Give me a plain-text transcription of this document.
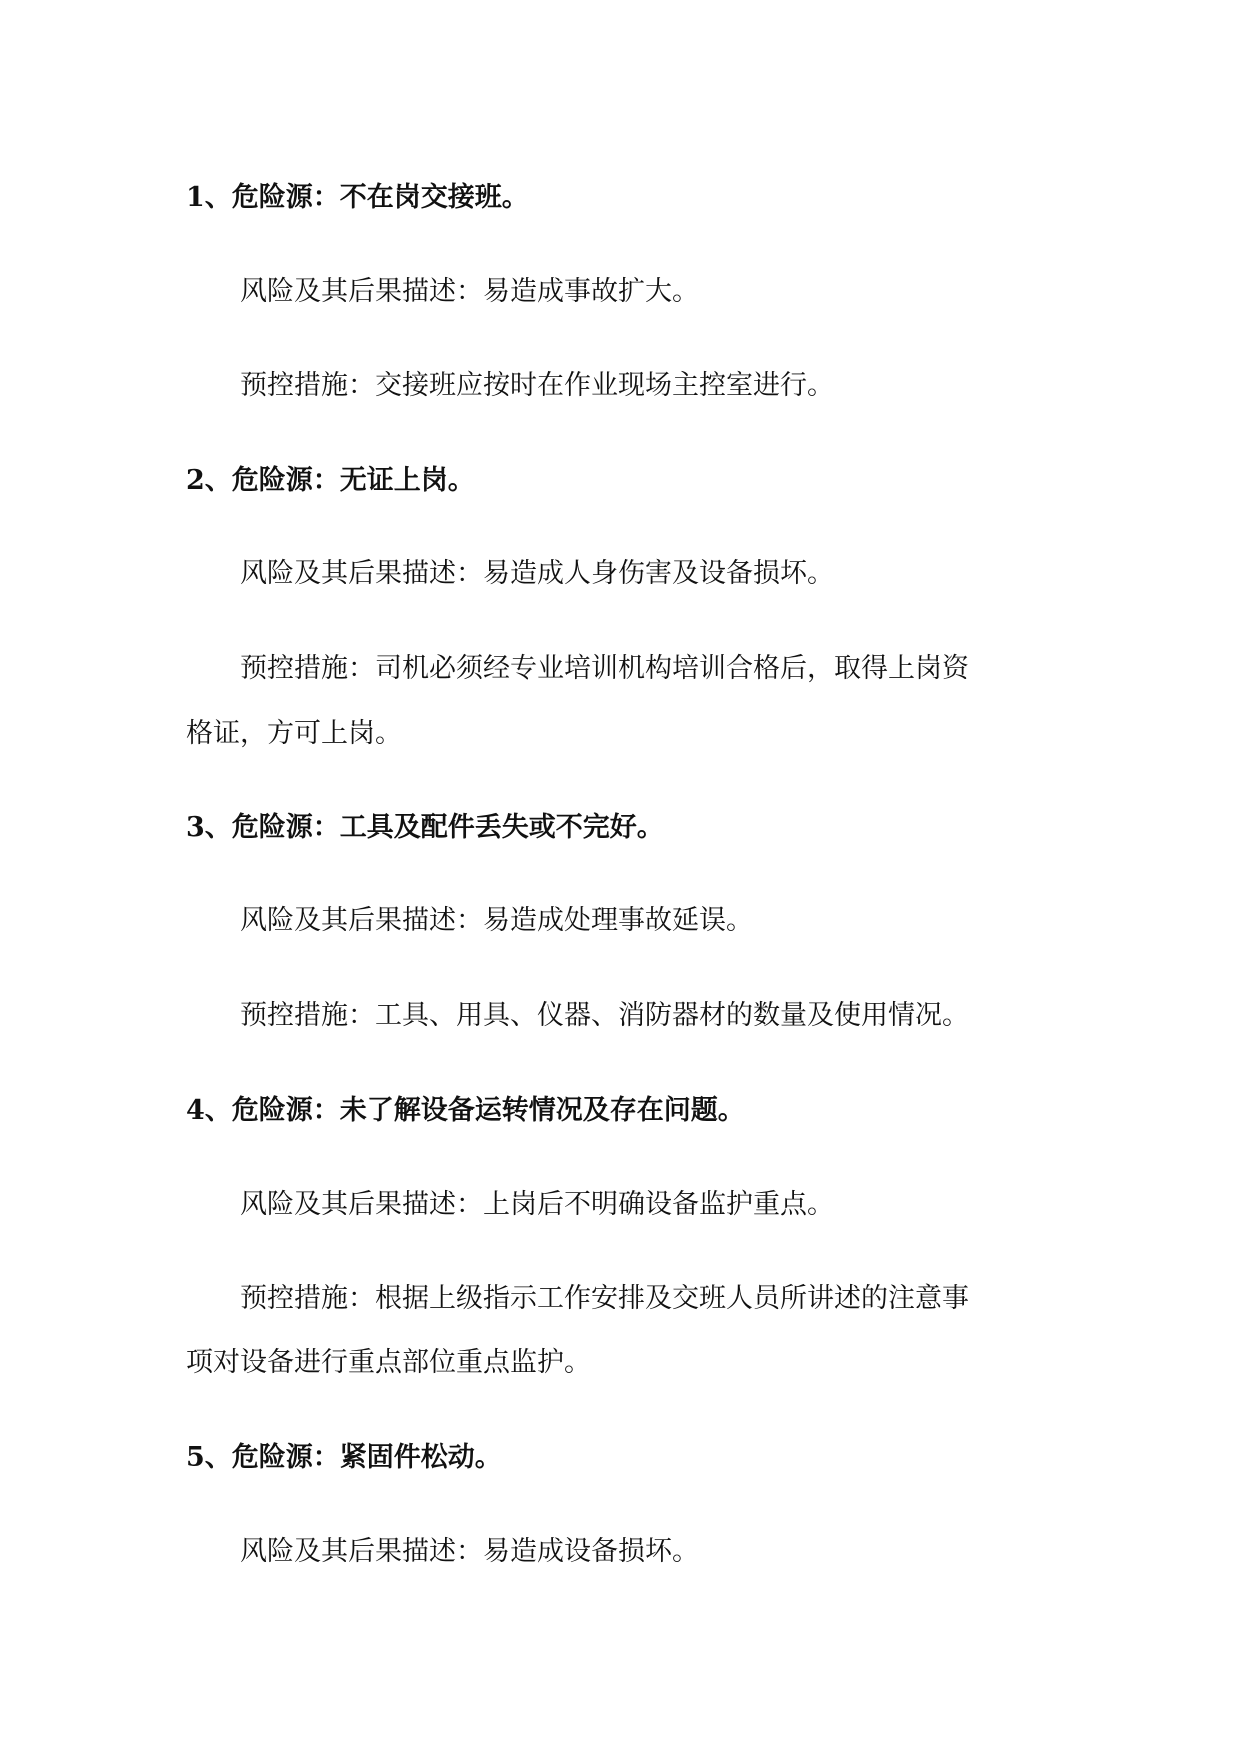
1、危险源：不在岗交接班。
风险及其后果描述：易造成事故扩大。
预控措施：交接班应按时在作业现场主控室进行。
2、危险源：无证上岗。
风险及其后果描述：易造成人身伤害及设备损坏。
预控措施：司机必须经专业培训机构培训合格后，取得上岗资
格证，方可上岗。
3、危险源：工具及配件丢失或不完好。
风险及其后果描述：易造成处理事故延误。
预控措施：工具、用具、仪器、消防器材的数量及使用情况。
4、危险源：未了解设备运转情况及存在问题。
风险及其后果描述：上岗后不明确设备监护重点。
预控措施：根据上级指示工作安排及交班人员所讲述的注意事
项对设备进行重点部位重点监护。
5、危险源：紧固件松动。
风险及其后果描述：易造成设备损坏。
